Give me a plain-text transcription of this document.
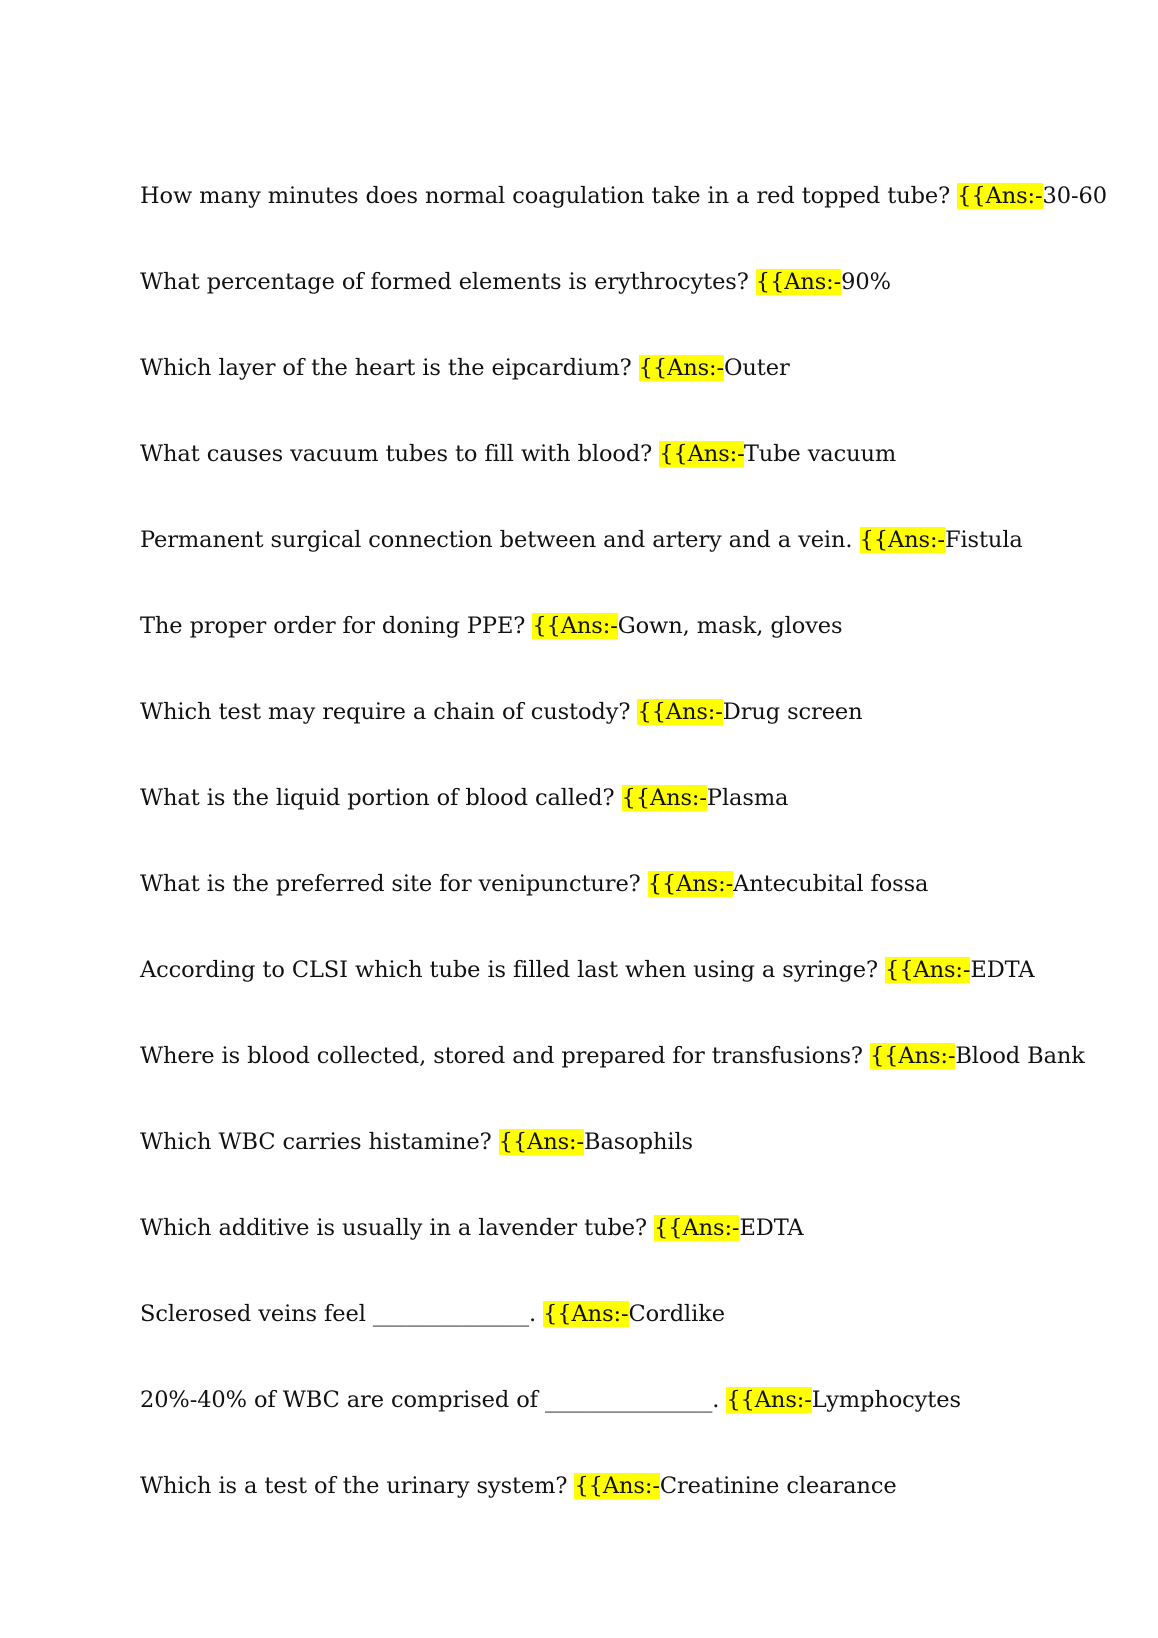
How many minutes does normal coagulation take in a red topped tube? {{Ans:-30-60
What percentage of formed elements is erythrocytes? {{Ans:-90%
Which layer of the heart is the eipcardium? {{Ans:-Outer
What causes vacuum tubes to fill with blood? {{Ans:-Tube vacuum
Permanent surgical connection between and artery and a vein. {{Ans:-Fistula
The proper order for doning PPE? {{Ans:-Gown, mask, gloves
Which test may require a chain of custody? {{Ans:-Drug screen
What is the liquid portion of blood called? {{Ans:-Plasma
What is the preferred site for venipuncture? {{Ans:-Antecubital fossa
According to CLSI which tube is filled last when using a syringe? {{Ans:-EDTA
Where is blood collected, stored and prepared for transfusions? {{Ans:-Blood Bank
Which WBC carries histamine? {{Ans:-Basophils
Which additive is usually in a lavender tube? {{Ans:-EDTA
Sclerosed veins feel ______________. {{Ans:-Cordlike
20%-40% of WBC are comprised of _______________. {{Ans:-Lymphocytes
Which is a test of the urinary system? {{Ans:-Creatinine clearance
